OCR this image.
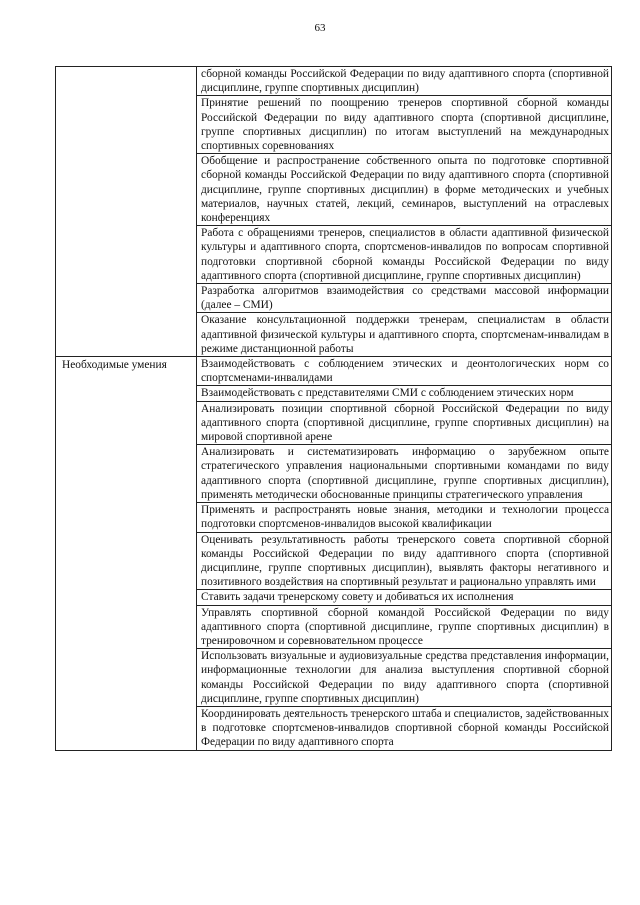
63

	сборной команды Российской Федерации по виду адаптивного спорта (спортивной дисциплине, группе спортивных дисциплин)

	Принятие решений по поощрению тренеров спортивной сборной команды Российской Федерации по виду адаптивного спорта (спортивной дисциплине, группе спортивных дисциплин) по итогам выступлений на международных спортивных соревнованиях

	Обобщение и распространение собственного опыта по подготовке спортивной сборной команды Российской Федерации по виду адаптивного спорта (спортивной дисциплине, группе спортивных дисциплин) в форме методических и учебных материалов, научных статей, лекций, семинаров, выступлений на отраслевых конференциях

	Работа с обращениями тренеров, специалистов в области адаптивной физической культуры и адаптивного спорта, спортсменов-инвалидов по вопросам спортивной подготовки спортивной сборной команды Российской Федерации по виду адаптивного спорта (спортивной дисциплине, группе спортивных дисциплин)

	Разработка алгоритмов взаимодействия со средствами массовой информации (далее – СМИ)

	Оказание консультационной поддержки тренерам, специалистам в области адаптивной физической культуры и адаптивного спорта, спортсменам-инвалидам в режиме дистанционной работы

Необходимые умения	Взаимодействовать с соблюдением этических и деонтологических норм со спортсменами-инвалидами

	Взаимодействовать с представителями СМИ с соблюдением этических норм

	Анализировать позиции спортивной сборной Российской Федерации по виду адаптивного спорта (спортивной дисциплине, группе спортивных дисциплин) на мировой спортивной арене

	Анализировать и систематизировать информацию о зарубежном опыте стратегического управления национальными спортивными командами по виду адаптивного спорта (спортивной дисциплине, группе спортивных дисциплин), применять методически обоснованные принципы стратегического управления

	Применять и распространять новые знания, методики и технологии процесса подготовки спортсменов-инвалидов высокой квалификации

	Оценивать результативность работы тренерского совета спортивной сборной команды Российской Федерации по виду адаптивного спорта (спортивной дисциплине, группе спортивных дисциплин), выявлять факторы негативного и позитивного воздействия на спортивный результат и рационально управлять ими

	Ставить задачи тренерскому совету и добиваться их исполнения

	Управлять спортивной сборной командой Российской Федерации по виду адаптивного спорта (спортивной дисциплине, группе спортивных дисциплин) в тренировочном и соревновательном процессе

	Использовать визуальные и аудиовизуальные средства представления информации, информационные технологии для анализа выступления спортивной сборной команды Российской Федерации по виду адаптивного спорта (спортивной дисциплине, группе спортивных дисциплин)

	Координировать деятельность тренерского штаба и специалистов, задействованных в подготовке спортсменов-инвалидов спортивной сборной команды Российской Федерации по виду адаптивного спорта
